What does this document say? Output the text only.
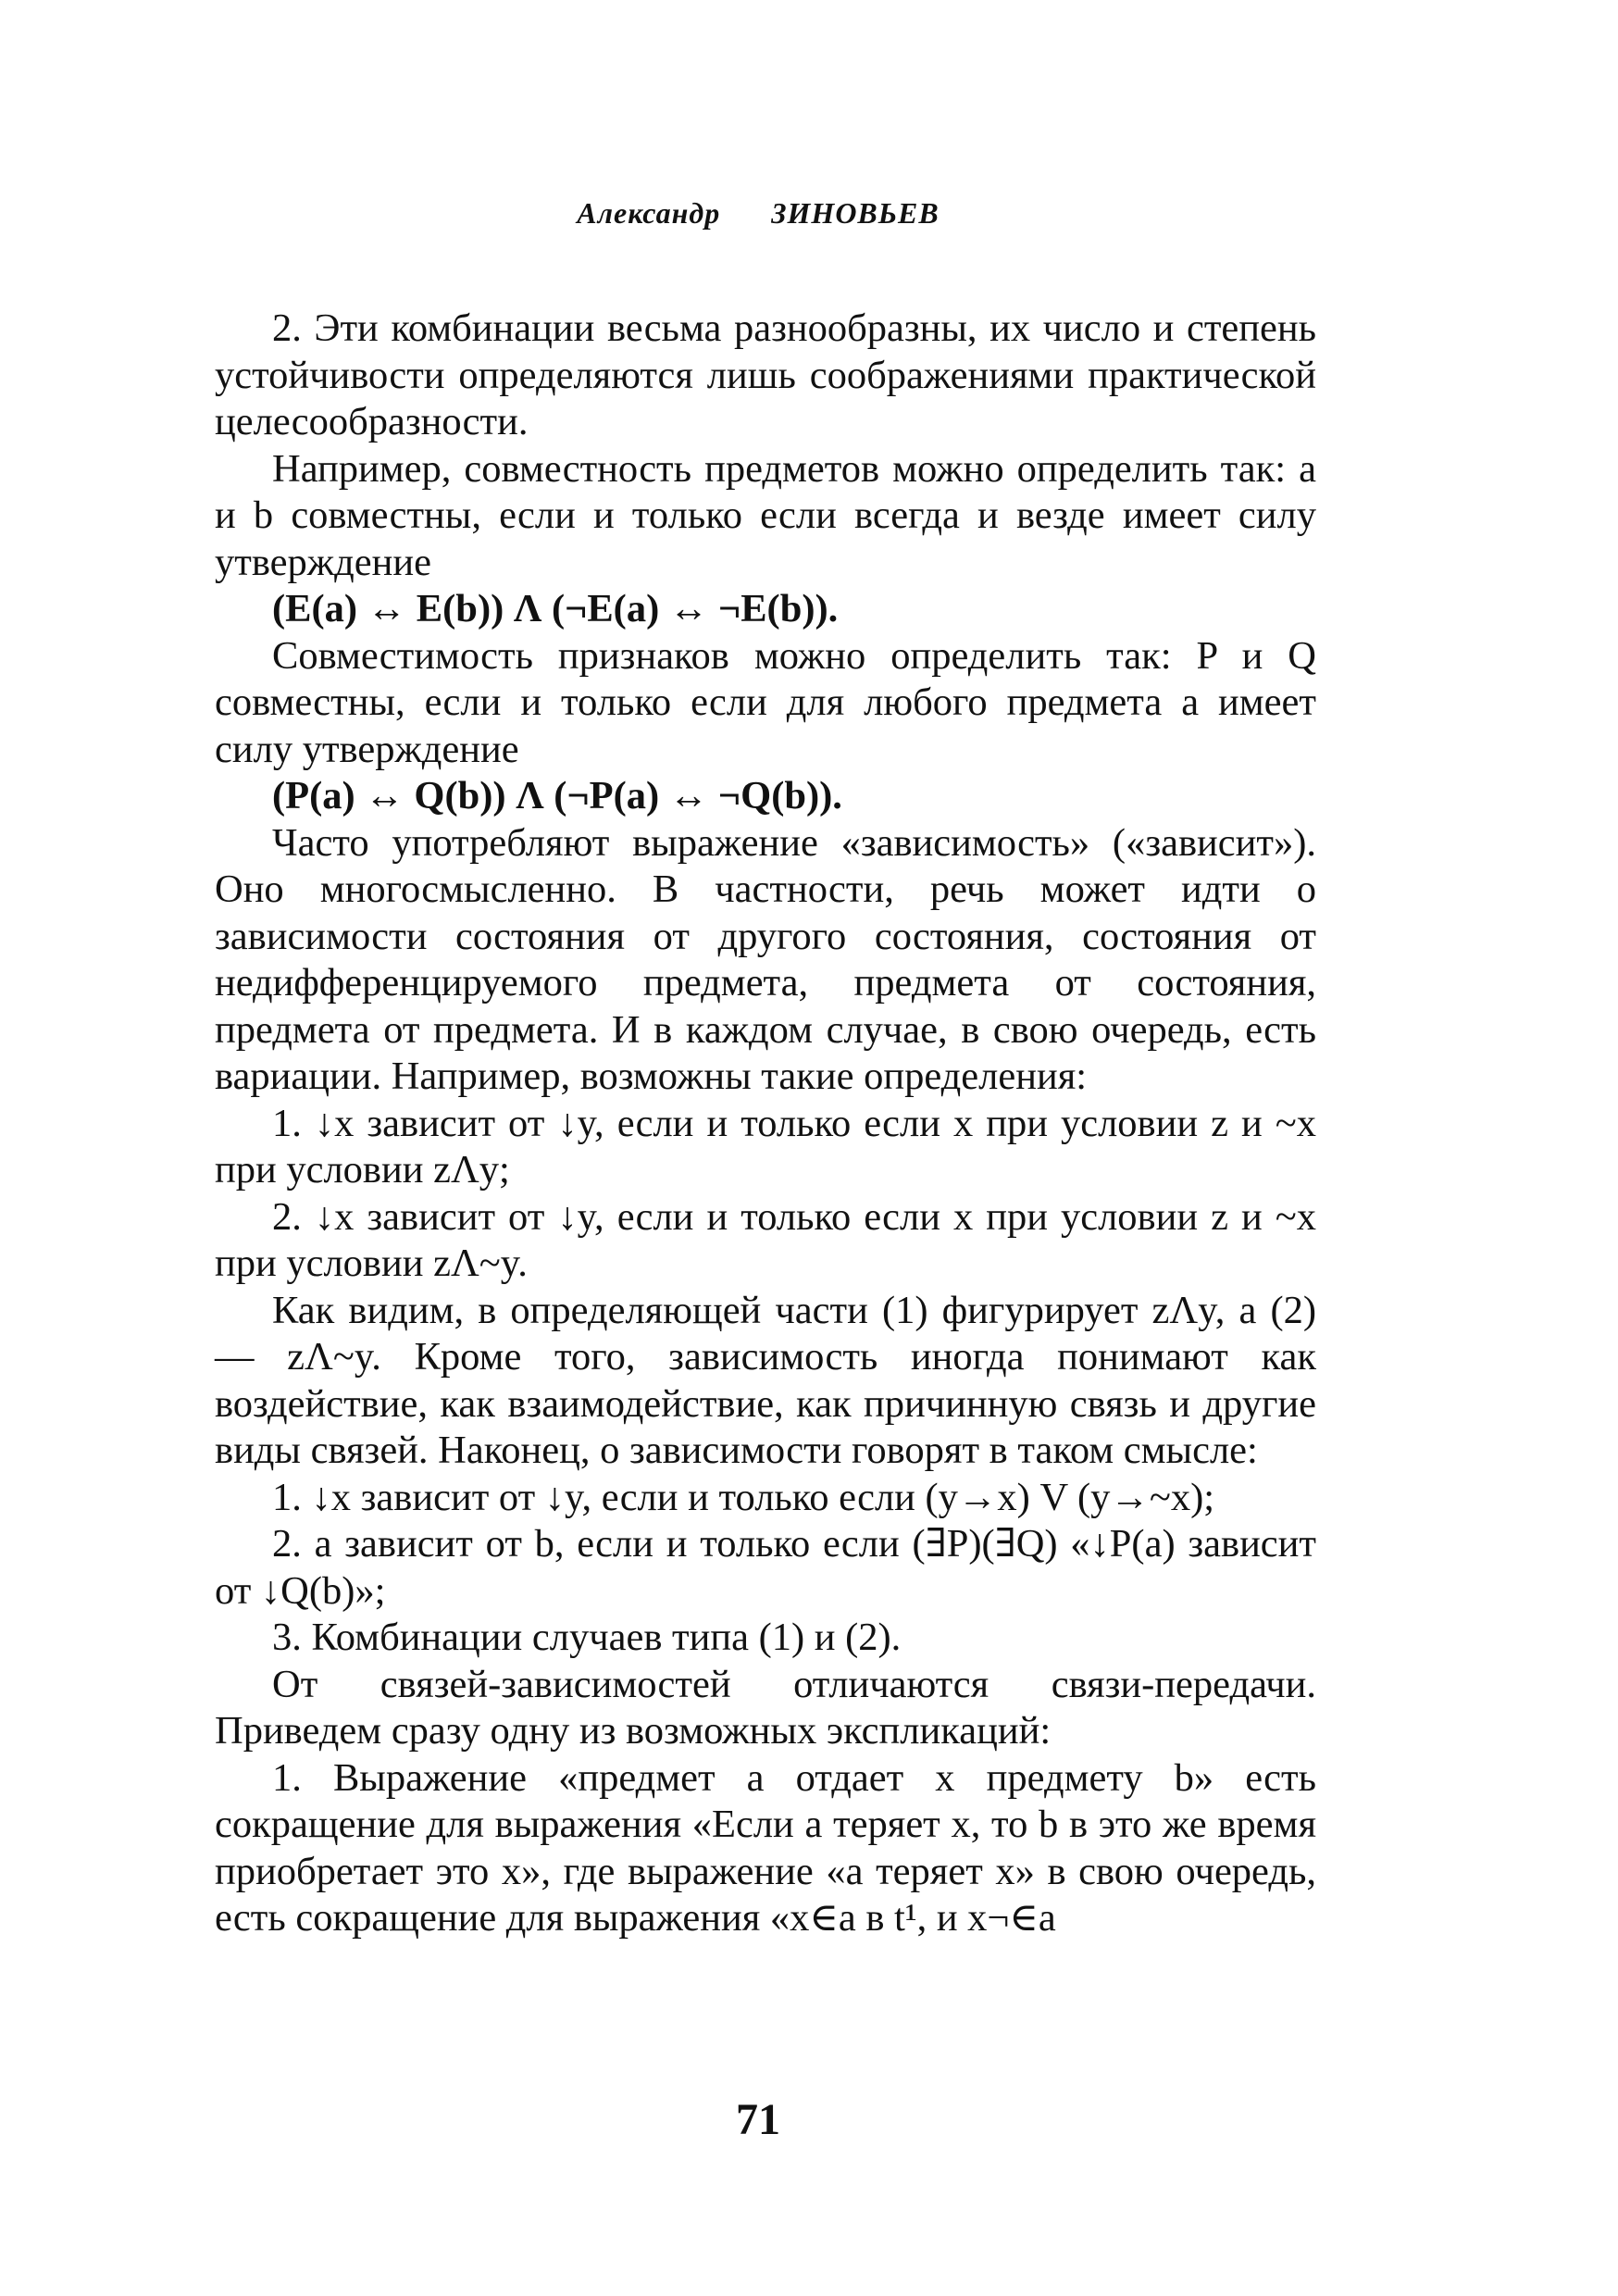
Александр ЗИНОВЬЕВ

2. Эти комбинации весьма разнообразны, их число и степень устойчивости определяются лишь соображениями практической целесообразности.

Например, совместность предметов можно определить так: a и b совместны, если и только если всегда и везде имеет силу утверждение

(E(a) ↔ E(b)) Λ (¬E(a) ↔ ¬E(b)).

Совместимость признаков можно определить так: P и Q совместны, если и только если для любого предмета a имеет силу утверждение

(P(a) ↔ Q(b)) Λ (¬P(a) ↔ ¬Q(b)).

Часто употребляют выражение «зависимость» («зависит»). Оно многосмысленно. В частности, речь может идти о зависимости состояния от другого состояния, состояния от недифференцируемого предмета, предмета от состояния, предмета от предмета. И в каждом случае, в свою очередь, есть вариации. Например, возможны такие определения:

1. ↓x зависит от ↓y, если и только если x при условии z и ~x при условии zΛy;

2. ↓x зависит от ↓y, если и только если x при условии z и ~x при условии zΛ~y.

Как видим, в определяющей части (1) фигурирует zΛy, а (2) — zΛ~y. Кроме того, зависимость иногда понимают как воздействие, как взаимодействие, как причинную связь и другие виды связей. Наконец, о зависимости говорят в таком смысле:

1. ↓x зависит от ↓y, если и только если (y→x) V (y→~x);

2. a зависит от b, если и только если (∃P)(∃Q) «↓P(a) зависит от ↓Q(b)»;

3. Комбинации случаев типа (1) и (2).

От связей-зависимостей отличаются связи-передачи. Приведем сразу одну из возможных экспликаций:

1. Выражение «предмет a отдает x предмету b» есть сокращение для выражения «Если a теряет x, то b в это же время приобретает это x», где выражение «a теряет x» в свою очередь, есть сокращение для выражения «x∈a в t¹, и x¬∈a

71
